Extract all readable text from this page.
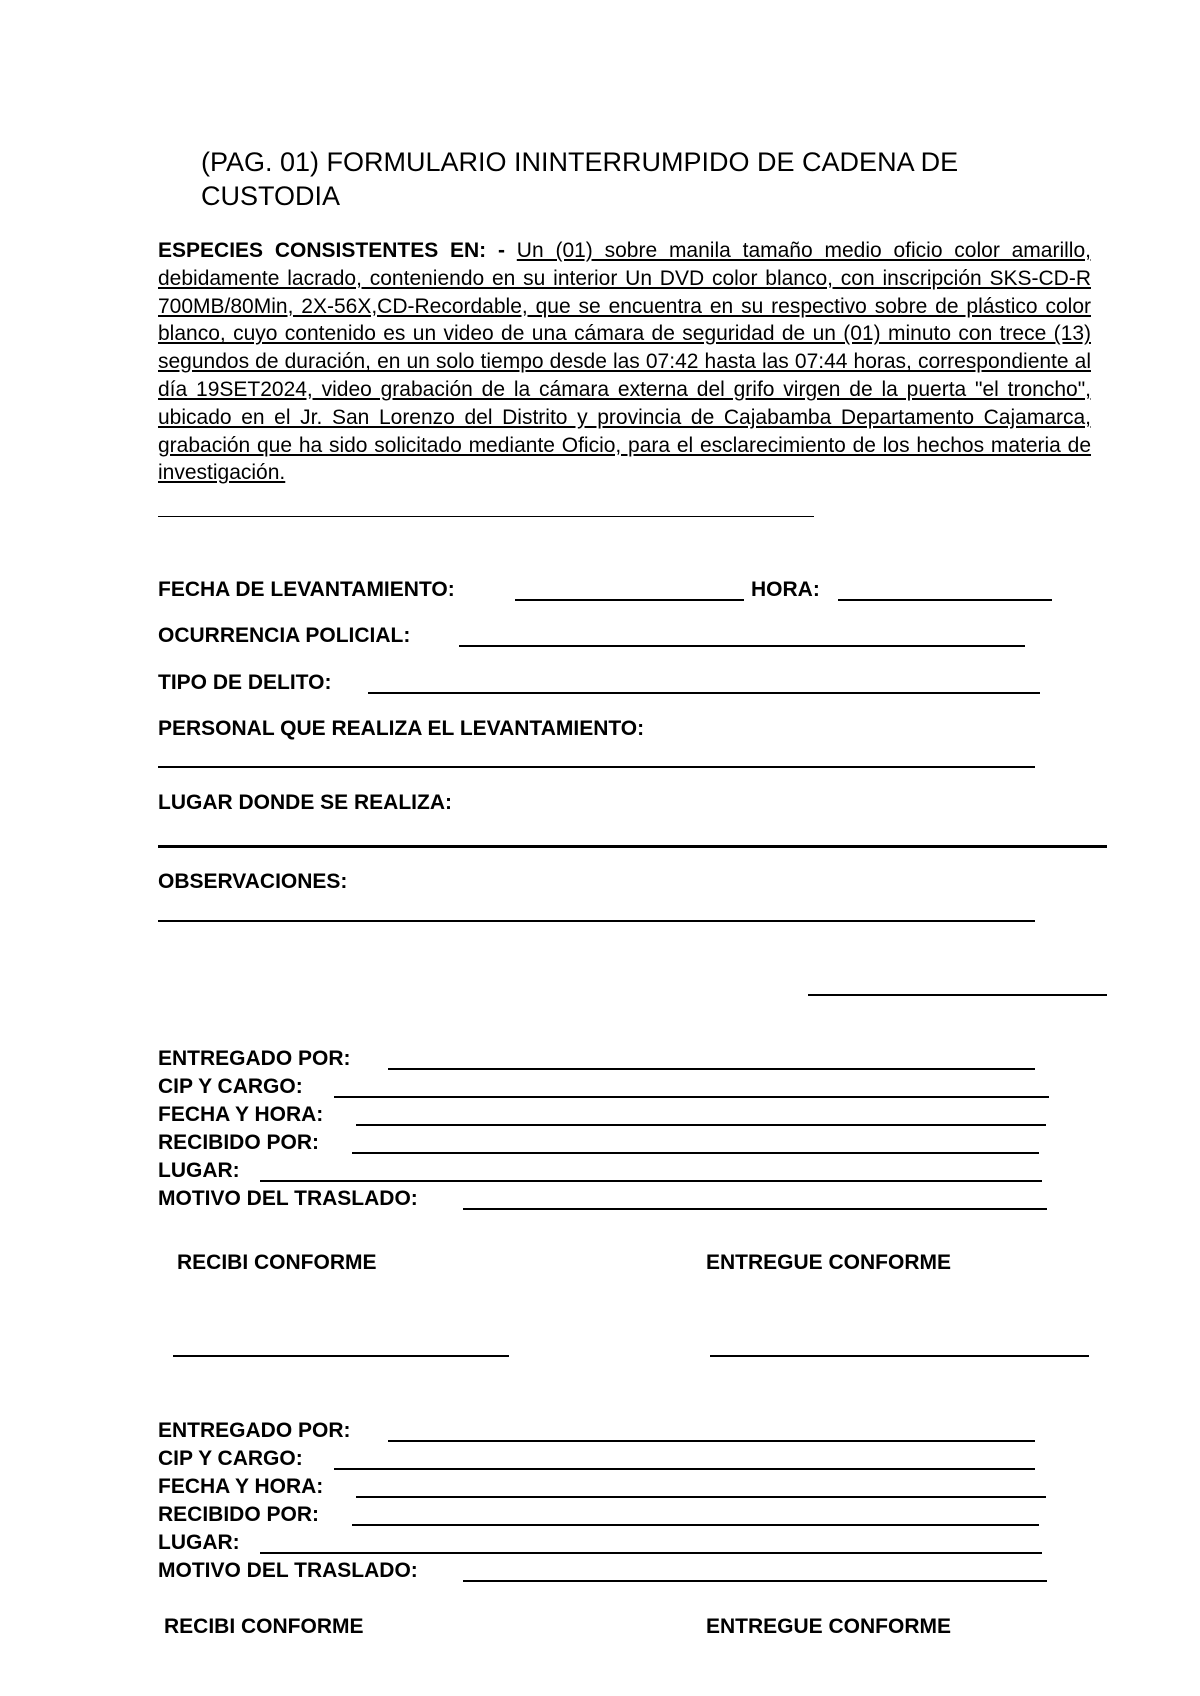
(PAG. 01) FORMULARIO ININTERRUMPIDO DE CADENA DE CUSTODIA

ESPECIES CONSISTENTES EN: - Un (01) sobre manila tamaño medio oficio color amarillo, debidamente lacrado, conteniendo en su interior Un DVD color blanco, con inscripción SKS-CD-R 700MB/80Min, 2X-56X,CD-Recordable, que se encuentra en su respectivo sobre de plástico color blanco, cuyo contenido es un video de una cámara de seguridad de un (01) minuto con trece (13) segundos de duración, en un solo tiempo desde las 07:42 hasta las 07:44 horas, correspondiente al día 19SET2024, video grabación de la cámara externa del grifo virgen de la puerta "el troncho", ubicado en el Jr. San Lorenzo del Distrito y provincia de Cajabamba Departamento Cajamarca, grabación que ha sido solicitado mediante Oficio, para el esclarecimiento de los hechos materia de investigación.

FECHA DE LEVANTAMIENTO:	HORA:
OCURRENCIA POLICIAL:
TIPO DE DELITO:
PERSONAL QUE REALIZA EL LEVANTAMIENTO:
LUGAR DONDE SE REALIZA:
OBSERVACIONES:
ENTREGADO POR:
CIP Y CARGO:
FECHA Y HORA:
RECIBIDO POR:
LUGAR:
MOTIVO DEL TRASLADO:
RECIBI CONFORME	ENTREGUE CONFORME
ENTREGADO POR:
CIP Y CARGO:
FECHA Y HORA:
RECIBIDO POR:
LUGAR:
MOTIVO DEL TRASLADO:
RECIBI CONFORME	ENTREGUE CONFORME
